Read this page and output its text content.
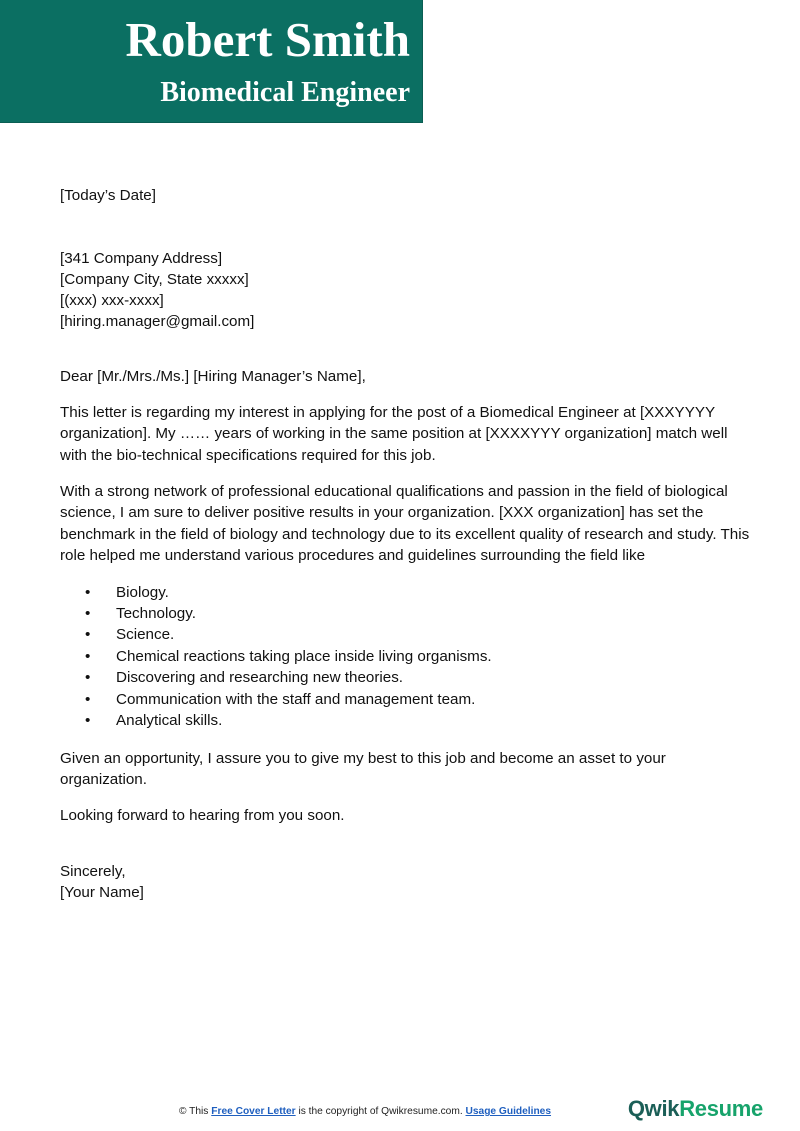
Robert Smith
Biomedical Engineer

[Today’s Date]

[341 Company Address]
[Company City, State xxxxx]
[(xxx) xxx-xxxx]
[hiring.manager@gmail.com]

Dear [Mr./Mrs./Ms.] [Hiring Manager’s Name],

This letter is regarding my interest in applying for the post of a Biomedical Engineer at [XXXYYYY organization]. My …… years of working in the same position at [XXXXYYY organization] match well with the bio-technical specifications required for this job.

With a strong network of professional educational qualifications and passion in the field of biological science, I am sure to deliver positive results in your organization. [XXX organization] has set the benchmark in the field of biology and technology due to its excellent quality of research and study. This role helped me understand various procedures and guidelines surrounding the field like

• Biology.
• Technology.
• Science.
• Chemical reactions taking place inside living organisms.
• Discovering and researching new theories.
• Communication with the staff and management team.
• Analytical skills.

Given an opportunity, I assure you to give my best to this job and become an asset to your organization.

Looking forward to hearing from you soon.

Sincerely,
[Your Name]
© This Free Cover Letter is the copyright of Qwikresume.com. Usage Guidelines	QwikResume
